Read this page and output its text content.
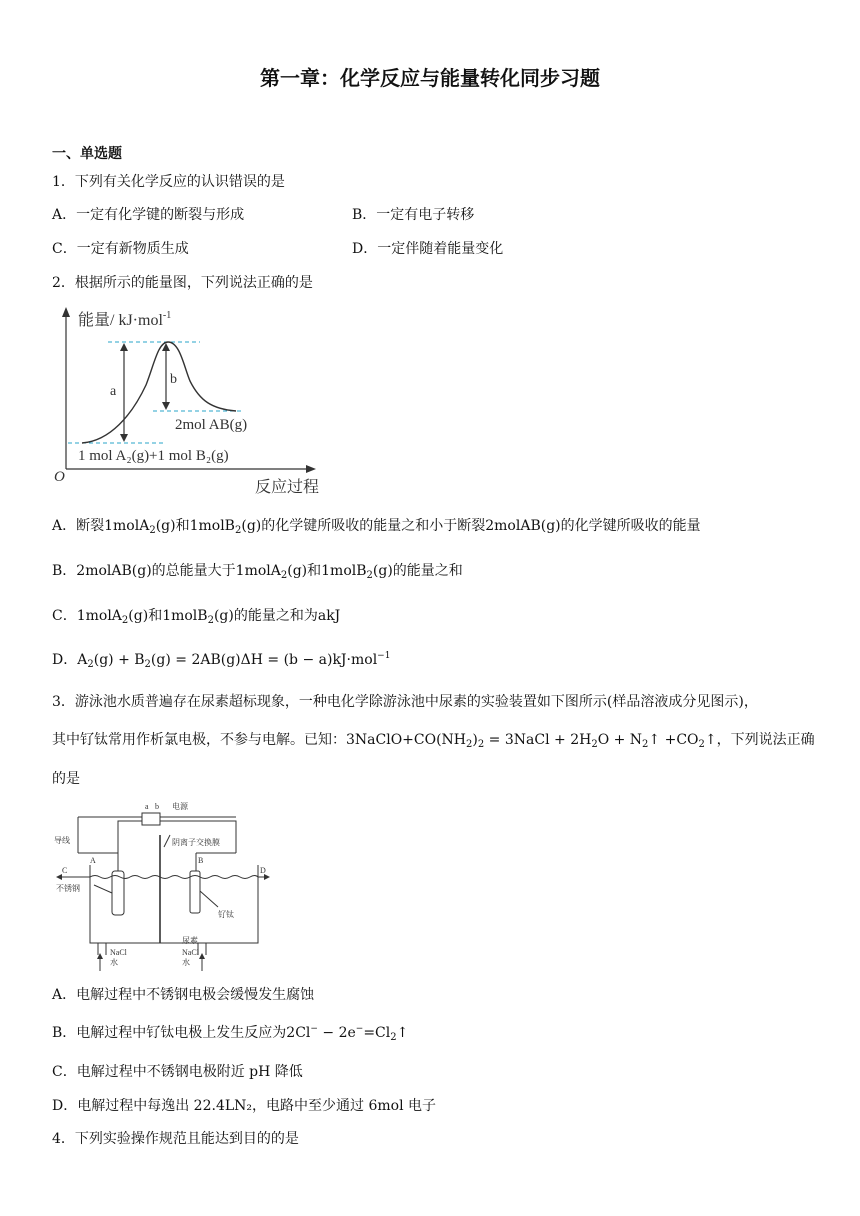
第一章：化学反应与能量转化同步习题
一、单选题
1．下列有关化学反应的认识错误的是
A．一定有化学键的断裂与形成	B．一定有电子转移
C．一定有新物质生成	D．一定伴随着能量变化
2．根据所示的能量图，下列说法正确的是
O
能量/ kJ·mol$^{-1}$
反应过程
a
b
2mol AB(g)
1 mol A₂(g)+1 mol B₂(g)
A．断裂1molA$_2$(g)和1molB$_2$(g)的化学键所吸收的能量之和小于断裂2molAB(g)的化学键所吸收的能量
B．2molAB(g)的总能量大于1molA$_2$(g)和1molB$_2$(g)的能量之和
C．1molA$_2$(g)和1molB$_2$(g)的能量之和为akJ
D．$A_2(g) + B_2(g) = 2AB(g)\Delta H = (b - a)kJ\cdot mol^{-1}$
3．游泳池水质普遍存在尿素超标现象，一种电化学除游泳池中尿素的实验装置如下图所示(样品溶液成分见图示)，
其中钌钛常用作析氯电极，不参与电解。已知：$3NaClO+CO(NH_2)_2$ = 3NaCl + $2H_2O$ + $N_2↑$ $+CO_2↑$，下列说法正确
的是
a b 电源
导线	阴离子交换膜
A	B
C	D
不锈钢
钌钛
NaCl
水
尿素
NaCl
水
A．电解过程中不锈钢电极会缓慢发生腐蚀
B．电解过程中钌钛电极上发生反应为$2Cl^- - 2e^-=Cl_2↑$
C．电解过程中不锈钢电极附近 pH 降低
D．电解过程中每逸出 22.4LN₂，电路中至少通过 6mol 电子
4．下列实验操作规范且能达到目的的是
